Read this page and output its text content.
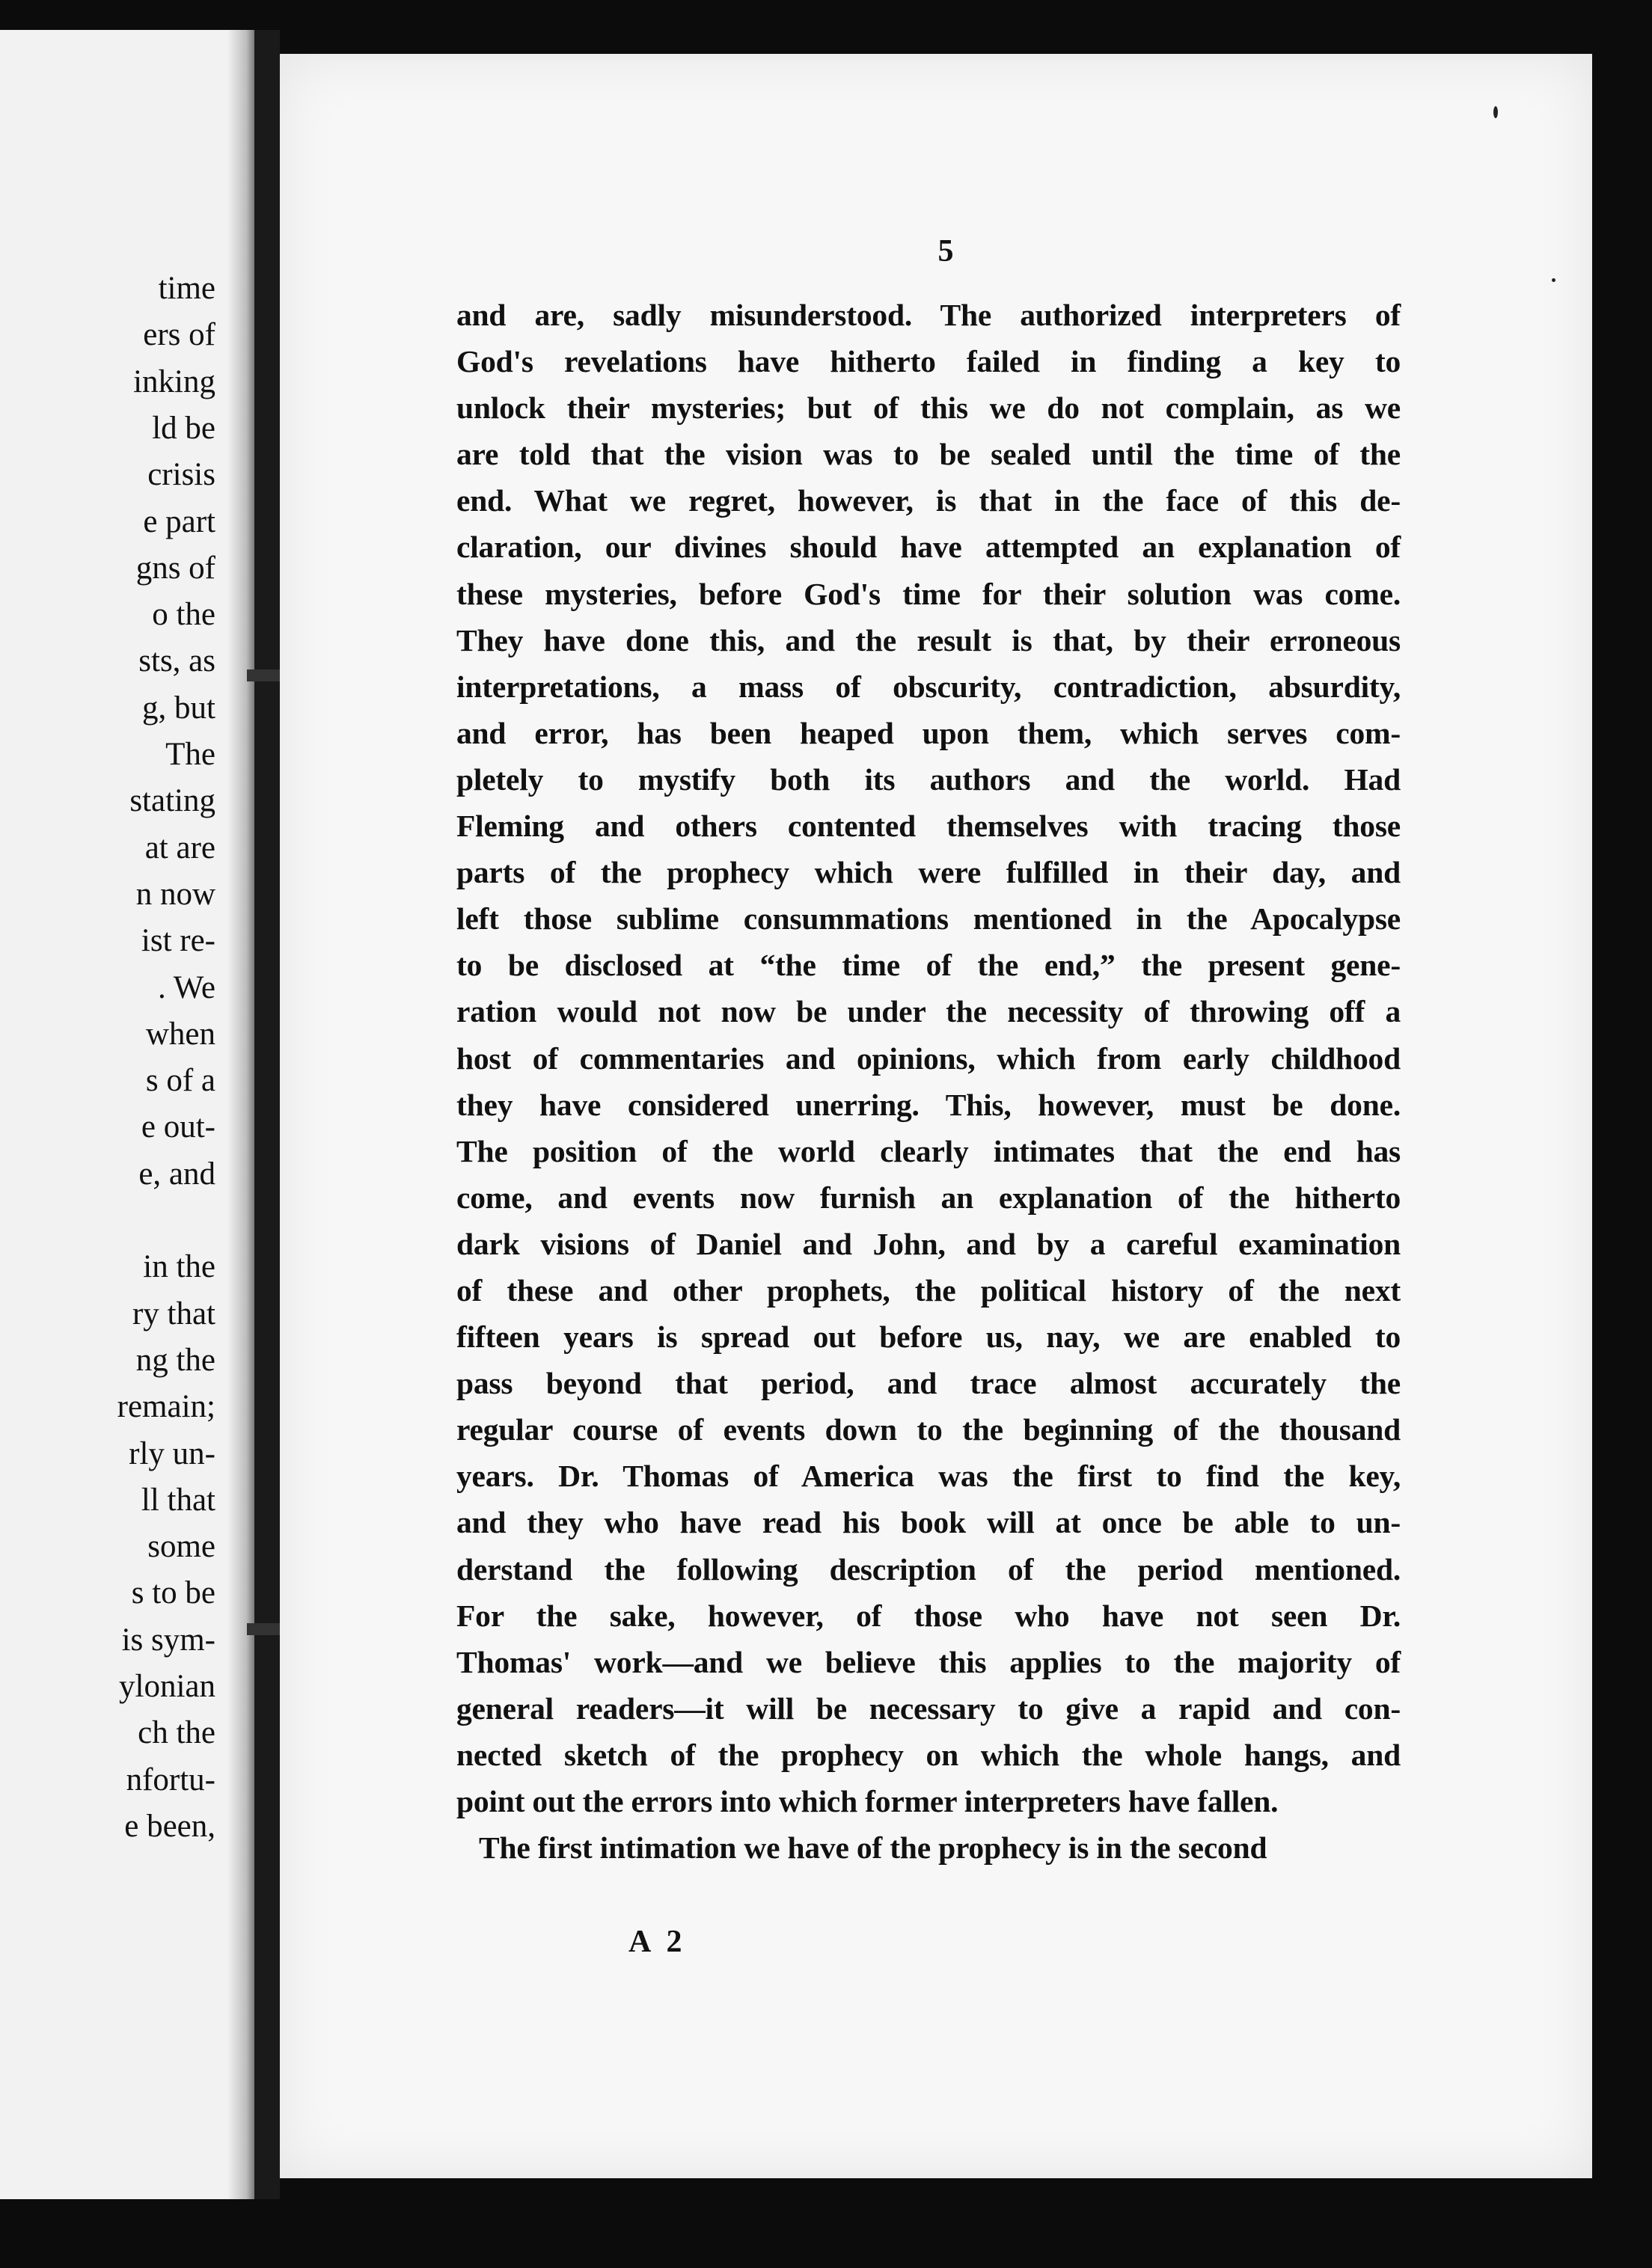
time
ers of
inking
ld be
crisis
e part
gns of
o the
sts, as
g, but
The
stating
at are
n now
ist re-
. We
when
s of a
e out-
e, and
in the
ry that
ng the
remain;
rly un-
ll that
some
s to be
is sym-
ylonian
ch the
nfortu-
e been,
5
and are, sadly misunderstood. The authorized interpreters of
God's revelations have hitherto failed in finding a key to
unlock their mysteries; but of this we do not complain, as we
are told that the vision was to be sealed until the time of the
end. What we regret, however, is that in the face of this de-
claration, our divines should have attempted an explanation of
these mysteries, before God's time for their solution was come.
They have done this, and the result is that, by their erroneous
interpretations, a mass of obscurity, contradiction, absurdity,
and error, has been heaped upon them, which serves com-
pletely to mystify both its authors and the world. Had
Fleming and others contented themselves with tracing those
parts of the prophecy which were fulfilled in their day, and
left those sublime consummations mentioned in the Apocalypse
to be disclosed at “the time of the end,” the present gene-
ration would not now be under the necessity of throwing off a
host of commentaries and opinions, which from early childhood
they have considered unerring. This, however, must be done.
The position of the world clearly intimates that the end has
come, and events now furnish an explanation of the hitherto
dark visions of Daniel and John, and by a careful examination
of these and other prophets, the political history of the next
fifteen years is spread out before us, nay, we are enabled to
pass beyond that period, and trace almost accurately the
regular course of events down to the beginning of the thousand
years. Dr. Thomas of America was the first to find the key,
and they who have read his book will at once be able to un-
derstand the following description of the period mentioned.
For the sake, however, of those who have not seen Dr.
Thomas' work—and we believe this applies to the majority of
general readers—it will be necessary to give a rapid and con-
nected sketch of the prophecy on which the whole hangs, and
point out the errors into which former interpreters have fallen.
The first intimation we have of the prophecy is in the second
A 2
